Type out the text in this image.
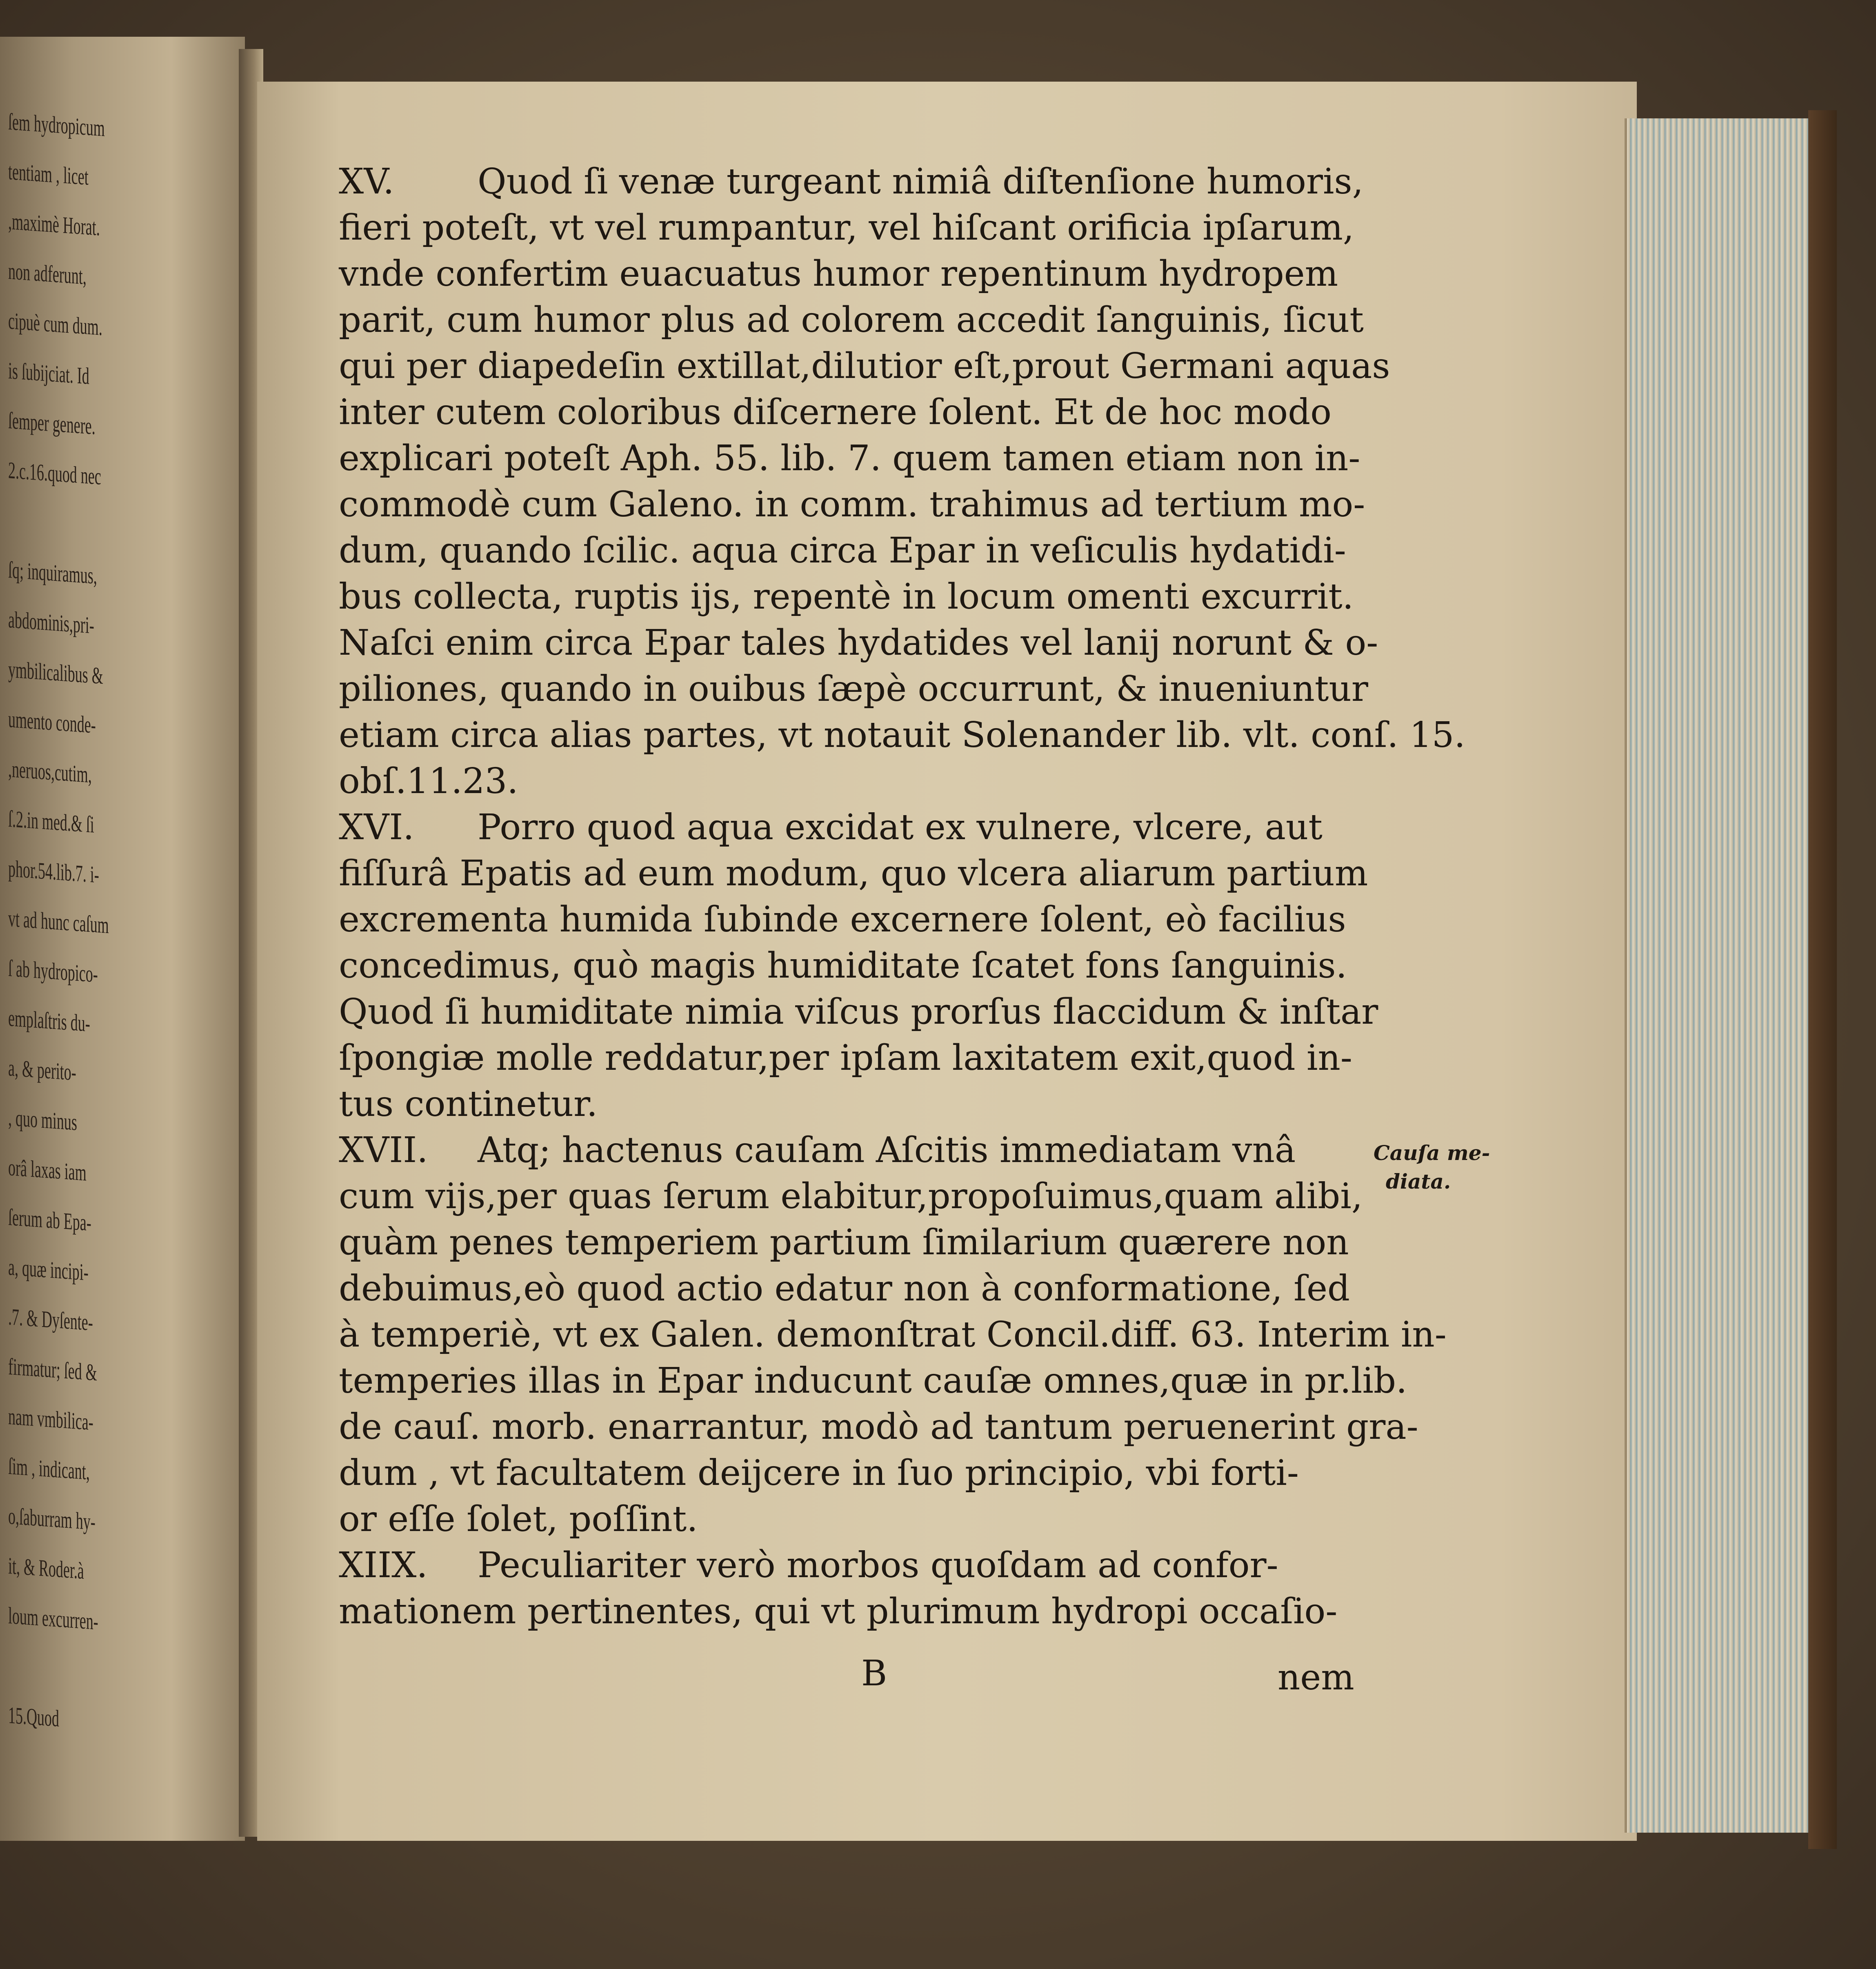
ſem hydropicum
tentiam , licet
,maximè Horat.
non adferunt,
cipuè cum dum.
is ſubijciat. Id
ſemper genere.
2.c.16.quod nec
ſq; inquiramus,
abdominis,pri-
ymbilicalibus &
umento conde-
,neruos,cutim,
ſ.2.in med.& ſi
phor.54.lib.7. i-
vt ad hunc caſum
ſ ab hydropico-
emplaſtris du-
a, & perito-
, quo minus
orâ laxas iam
ſerum ab Epa-
a, quæ incipi-
.7. & Dyſente-
firmatur; ſed &
nam vmbilica-
ſim , indicant,
o,ſaburram hy-
it, & Roder.à
loum excurren-
15.Quod
XV. Quod ſi venæ turgeant nimiâ diſtenſione humoris,
fieri poteſt, vt vel rumpantur, vel hiſcant orificia ipſarum,
vnde confertim euacuatus humor repentinum hydropem
parit, cum humor plus ad colorem accedit ſanguinis, ſicut
qui per diapedeſin extillat,dilutior eſt,prout Germani aquas
inter cutem coloribus diſcernere ſolent. Et de hoc modo
explicari poteſt Aph. 55. lib. 7. quem tamen etiam non in-
commodè cum Galeno. in comm. trahimus ad tertium mo-
dum, quando ſcilic. aqua circa Epar in veſiculis hydatidi-
bus collecta, ruptis ijs, repentè in locum omenti excurrit.
Naſci enim circa Epar tales hydatides vel lanij norunt & o-
piliones, quando in ouibus ſæpè occurrunt, & inueniuntur
etiam circa alias partes, vt notauit Solenander lib. vlt. conſ. 15.
obſ.11.23.
XVI. Porro quod aqua excidat ex vulnere, vlcere, aut
fiſſurâ Epatis ad eum modum, quo vlcera aliarum partium
excrementa humida ſubinde excernere ſolent, eò facilius
concedimus, quò magis humiditate ſcatet fons ſanguinis.
Quod ſi humiditate nimia viſcus prorſus flaccidum & inſtar
ſpongiæ molle reddatur,per ipſam laxitatem exit,quod in-
tus continetur.
XVII. Atq; hactenus cauſam Aſcitis immediatam vnâ
cum vijs,per quas ſerum elabitur,propoſuimus,quam alibi,
quàm penes temperiem partium ſimilarium quærere non
debuimus,eò quod actio edatur non à conformatione, ſed
à temperiè, vt ex Galen. demonſtrat Concil.diff. 63. Interim in-
temperies illas in Epar inducunt cauſæ omnes,quæ in pr.lib.
de cauſ. morb. enarrantur, modò ad tantum peruenerint gra-
dum , vt facultatem deijcere in ſuo principio, vbi forti-
or eſſe ſolet, poſſint.
XIIX. Peculiariter verò morbos quoſdam ad confor-
mationem pertinentes, qui vt plurimum hydropi occaſio-
Cauſa me-
diata.
B	nem
